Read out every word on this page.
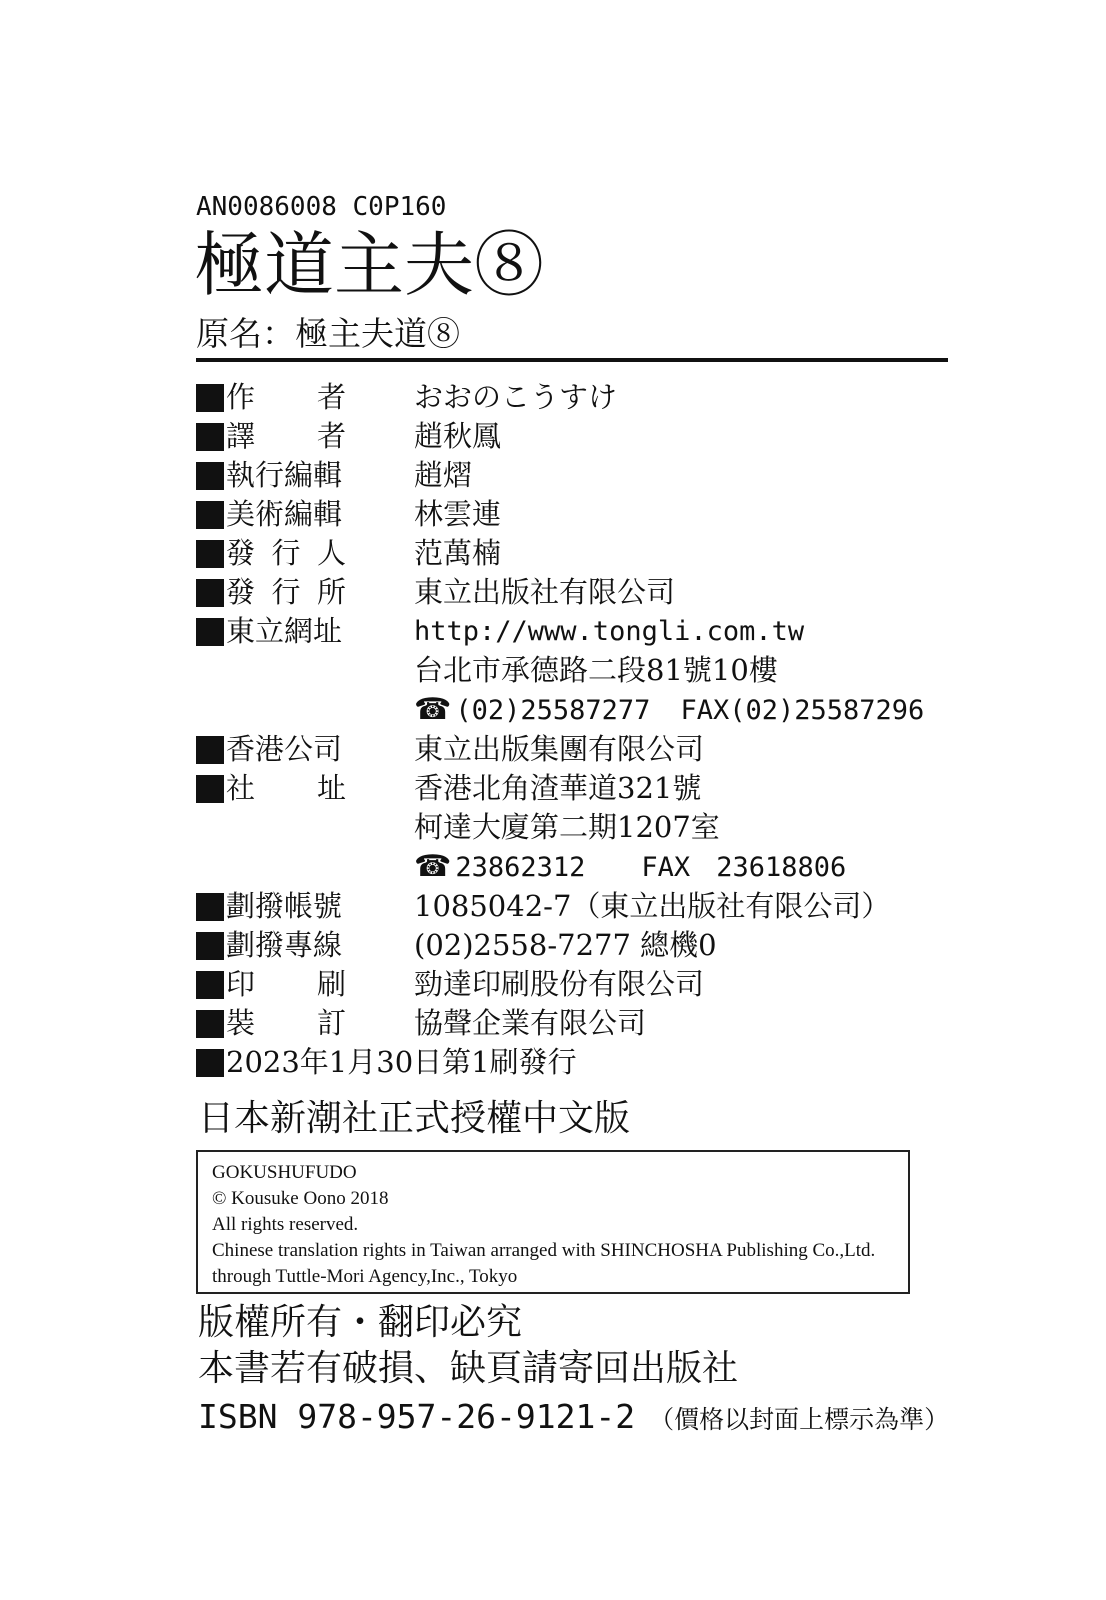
AN0086008 C0P160
極道主夫⑧
原名：極主夫道⑧
作 者 おおのこうすけ
譯 者 趙秋鳳
執行編輯 趙熠
美術編輯 林雲連
發 行 人 范萬楠
發 行 所 東立出版社有限公司
東立網址	http://www.tongli.com.tw
台北市承德路二段81號10樓
☎ (02)25587277 FAX(02)25587296
香港公司 東立出版集團有限公司
社 址 香港北角渣華道321號
柯達大廈第二期1207室
☎ 23862312 FAX 23618806
劃撥帳號 1085042-7（東立出版社有限公司）
劃撥專線 (02)2558-7277 總機0
印 刷 勁達印刷股份有限公司
裝 訂 協聲企業有限公司
2023年1月30日第1刷發行
日本新潮社正式授權中文版
GOKUSHUFUDO
© Kousuke Oono 2018
All rights reserved.
Chinese translation rights in Taiwan arranged with SHINCHOSHA Publishing Co.,Ltd.
through Tuttle-Mori Agency,Inc., Tokyo
版權所有・翻印必究
本書若有破損、缺頁請寄回出版社
ISBN 978-957-26-9121-2 （價格以封面上標示為準）
